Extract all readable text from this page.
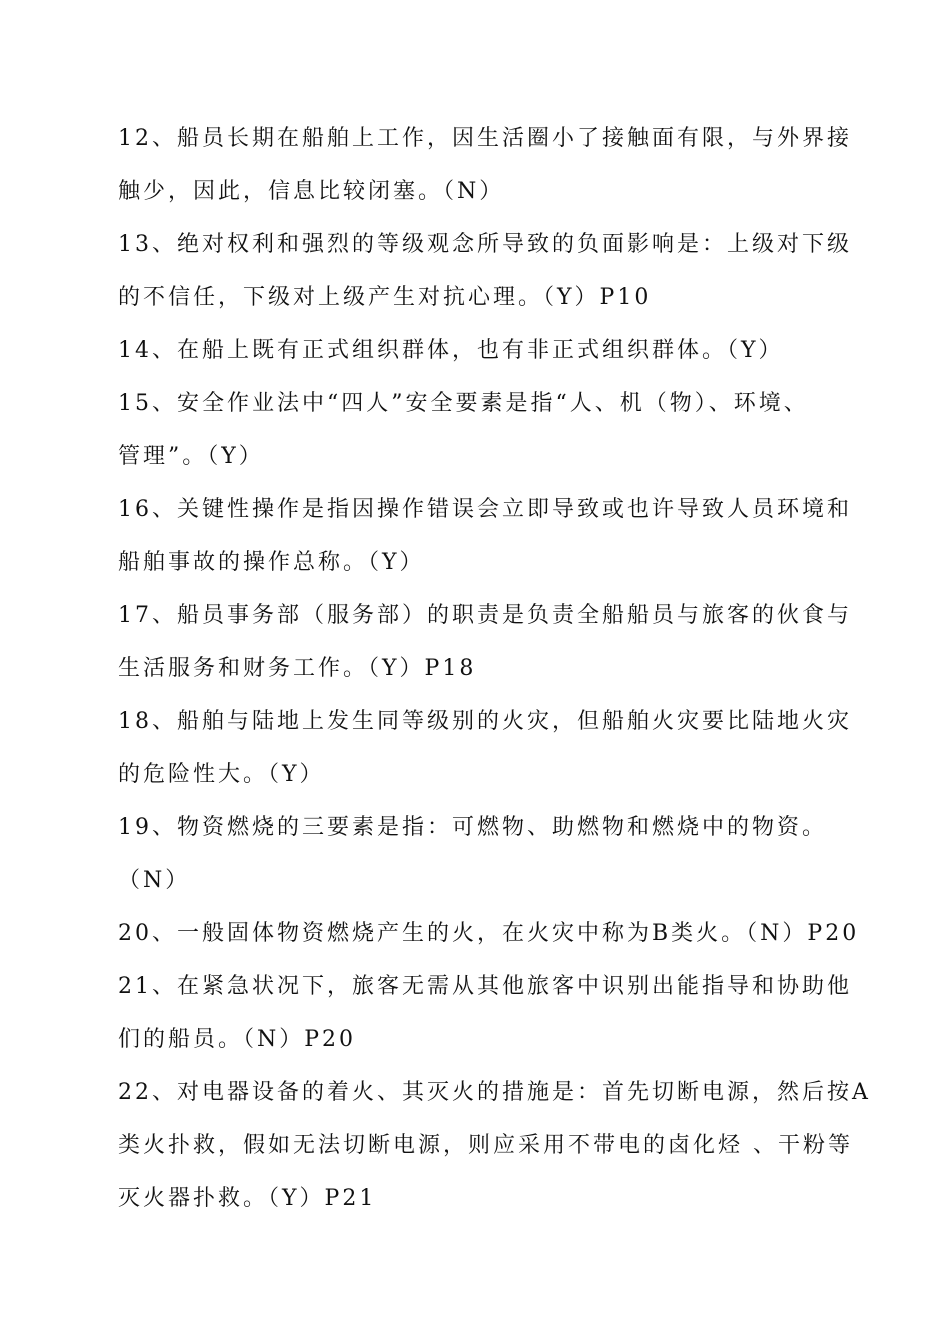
12、船员长期在船舶上工作，因生活圈小了接触面有限，与外界接
触少，因此，信息比较闭塞。（N）
13、绝对权利和强烈的等级观念所导致的负面影响是：上级对下级
的不信任，下级对上级产生对抗心理。（Y）P10
14、在船上既有正式组织群体，也有非正式组织群体。（Y）
15、安全作业法中“四人”安全要素是指“人、机（物）、环境、
管理”。（Y）
16、关键性操作是指因操作错误会立即导致或也许导致人员环境和
船舶事故的操作总称。（Y）
17、船员事务部（服务部）的职责是负责全船船员与旅客的伙食与
生活服务和财务工作。（Y）P18
18、船舶与陆地上发生同等级别的火灾，但船舶火灾要比陆地火灾
的危险性大。（Y）
19、物资燃烧的三要素是指：可燃物、助燃物和燃烧中的物资。
（N）
20、一般固体物资燃烧产生的火，在火灾中称为B类火。（N）P20
21、在紧急状况下，旅客无需从其他旅客中识别出能指导和协助他
们的船员。（N）P20
22、对电器设备的着火、其灭火的措施是：首先切断电源，然后按A
类火扑救，假如无法切断电源，则应采用不带电的卤化烃 、干粉等
灭火器扑救。（Y）P21
